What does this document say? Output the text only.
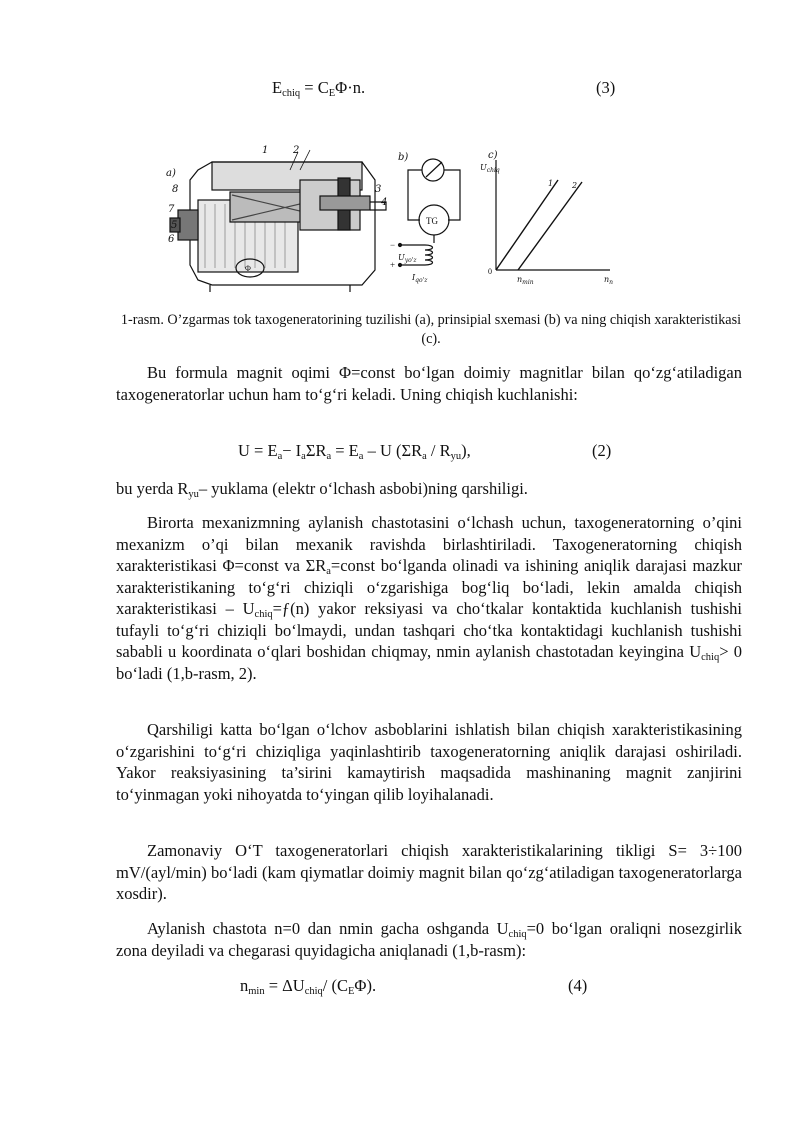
$E_{chiq} = C_E\Phi\cdot n$.	(3)
a)
8
7
6
5
1 2
3
4
Φ
b)
TG
−
+
$U_{yo'z}$
$I_{qo'z}$
c)
$U_{chiq}$
0
$n_{min}$	$n_n$
1 2
1-rasm. O’zgarmas tok taxogeneratorining tuzilishi (a), prinsipial sxemasi (b) va ning chiqish xarakteristikasi (c).
Bu formula magnit oqimi Φ=const bo‘lgan doimiy magnitlar bilan qo‘zg‘atiladigan taxogeneratorlar uchun ham to‘g‘ri keladi. Uning chiqish kuchlanishi:
$U = E_a- I_a\Sigma R_a = E_a - U$ $(\Sigma R_a / R_{yu})$,	(2)
bu yerda $R_{yu}-$ yuklama (elektr o‘lchash asbobi)ning qarshiligi.
Birorta mexanizmning aylanish chastotasini o‘lchash uchun, taxogeneratorning o’qini mexanizm o’qi bilan mexanik ravishda birlashtiriladi. Taxogeneratorning chiqish xarakteristikasi Φ=const va $\Sigma R_a=const$ bo‘lganda olinadi va ishining aniqlik darajasi mazkur xarakteristikaning to‘g‘ri chiziqli o‘zgarishiga bog‘liq bo‘ladi, lekin amalda chiqish xarakteristikasi – $U_{chiq}=ƒ(n)$ yakor reksiyasi va cho‘tkalar kontaktida kuchlanish tushishi tufayli to‘g‘ri chiziqli bo‘lmaydi, undan tashqari cho‘tka kontaktidagi kuchlanish tushishi sababli u koordinata o‘qlari boshidan chiqmay, nmin aylanish chastotadan keyingina $U_{chiq}> 0$ bo‘ladi (1,b-rasm, 2).
Qarshiligi katta bo‘lgan o‘lchov asboblarini ishlatish bilan chiqish xarakteristikasining o‘zgarishini to‘g‘ri chiziqliga yaqinlashtirib taxogeneratorning aniqlik darajasi oshiriladi. Yakor reaksiyasining ta’sirini kamaytirish maqsadida mashinaning magnit zanjirini to‘yinmagan yoki nihoyatda to‘yingan qilib loyihalanadi.
Zamonaviy O‘T taxogeneratorlari chiqish xarakteristikalarining tikligi S= 3÷100 mV/(ayl/min) bo‘ladi (kam qiymatlar doimiy magnit bilan qo‘zg‘atiladigan taxogeneratorlarga xosdir).
Aylanish chastota n=0 dan nmin gacha oshganda $U_{chiq}=0$ bo‘lgan oraliqni nosezgirlik zona deyiladi va chegarasi quyidagicha aniqlanadi (1,b-rasm):
$n_{min} = \Delta U_{chiq}/$ $(C_E\Phi)$.	(4)
